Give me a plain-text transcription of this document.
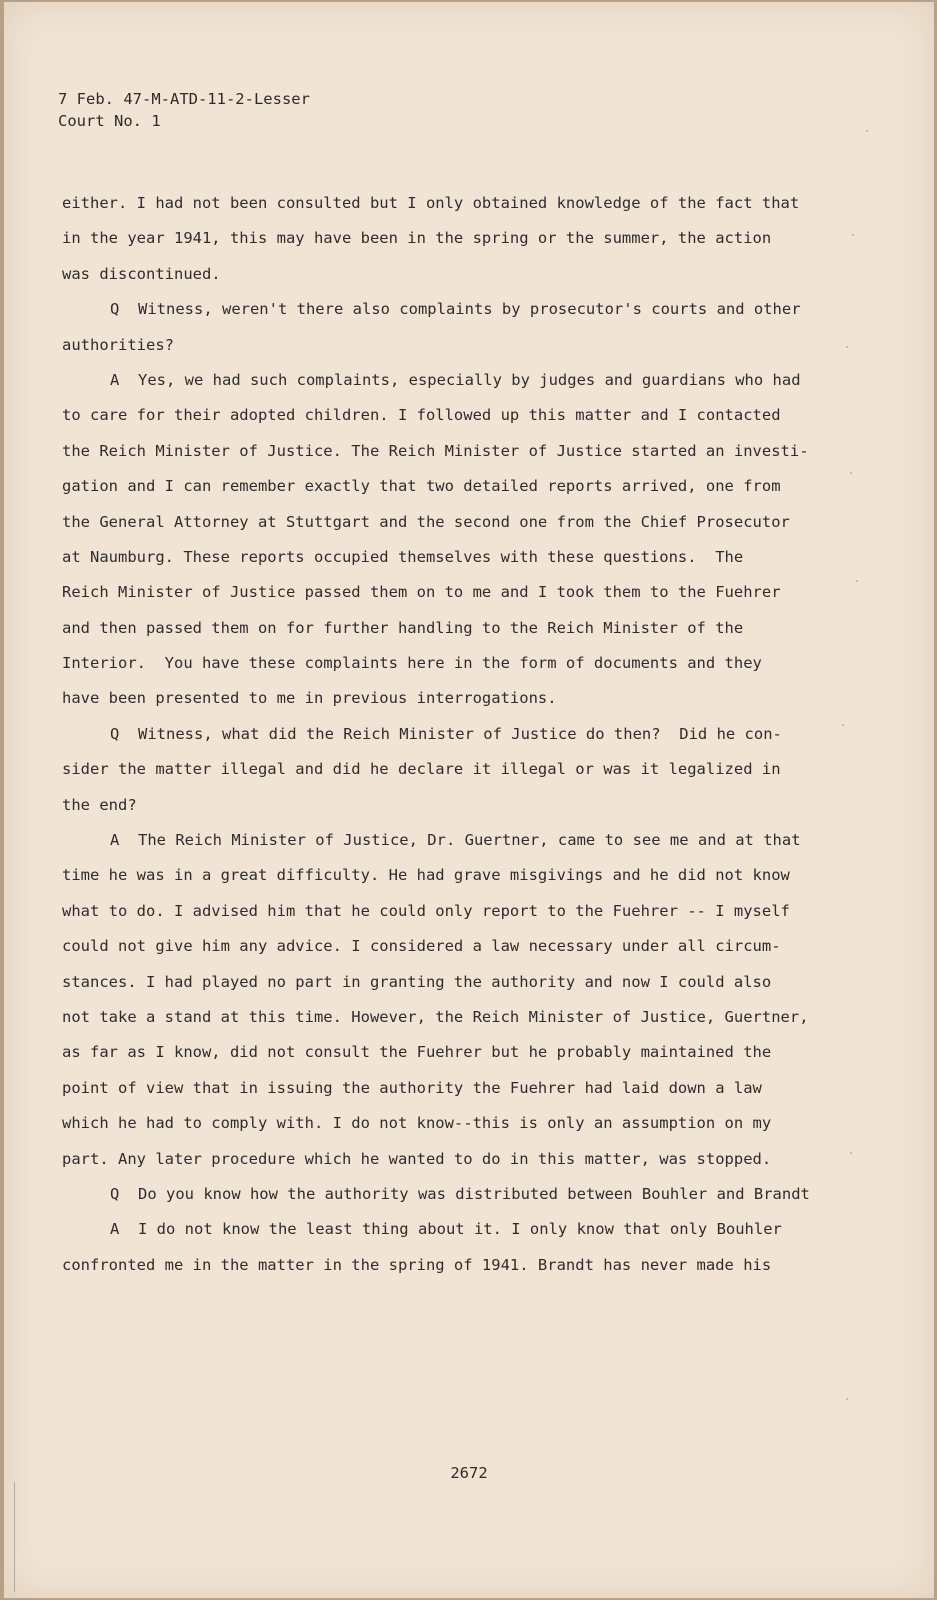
7 Feb. 47-M-ATD-11-2-Lesser
Court No. 1
either. I had not been consulted but I only obtained knowledge of the fact that
in the year 1941, this may have been in the spring or the summer, the action
was discontinued.
Q  Witness, weren't there also complaints by prosecutor's courts and other
authorities?
A  Yes, we had such complaints, especially by judges and guardians who had
to care for their adopted children. I followed up this matter and I contacted
the Reich Minister of Justice. The Reich Minister of Justice started an investi-
gation and I can remember exactly that two detailed reports arrived, one from
the General Attorney at Stuttgart and the second one from the Chief Prosecutor
at Naumburg. These reports occupied themselves with these questions.  The
Reich Minister of Justice passed them on to me and I took them to the Fuehrer
and then passed them on for further handling to the Reich Minister of the
Interior.  You have these complaints here in the form of documents and they
have been presented to me in previous interrogations.
Q  Witness, what did the Reich Minister of Justice do then?  Did he con-
sider the matter illegal and did he declare it illegal or was it legalized in
the end?
A  The Reich Minister of Justice, Dr. Guertner, came to see me and at that
time he was in a great difficulty. He had grave misgivings and he did not know
what to do. I advised him that he could only report to the Fuehrer -- I myself
could not give him any advice. I considered a law necessary under all circum-
stances. I had played no part in granting the authority and now I could also
not take a stand at this time. However, the Reich Minister of Justice, Guertner,
as far as I know, did not consult the Fuehrer but he probably maintained the
point of view that in issuing the authority the Fuehrer had laid down a law
which he had to comply with. I do not know--this is only an assumption on my
part. Any later procedure which he wanted to do in this matter, was stopped.
Q  Do you know how the authority was distributed between Bouhler and Brandt
A  I do not know the least thing about it. I only know that only Bouhler
confronted me in the matter in the spring of 1941. Brandt has never made his
2672
